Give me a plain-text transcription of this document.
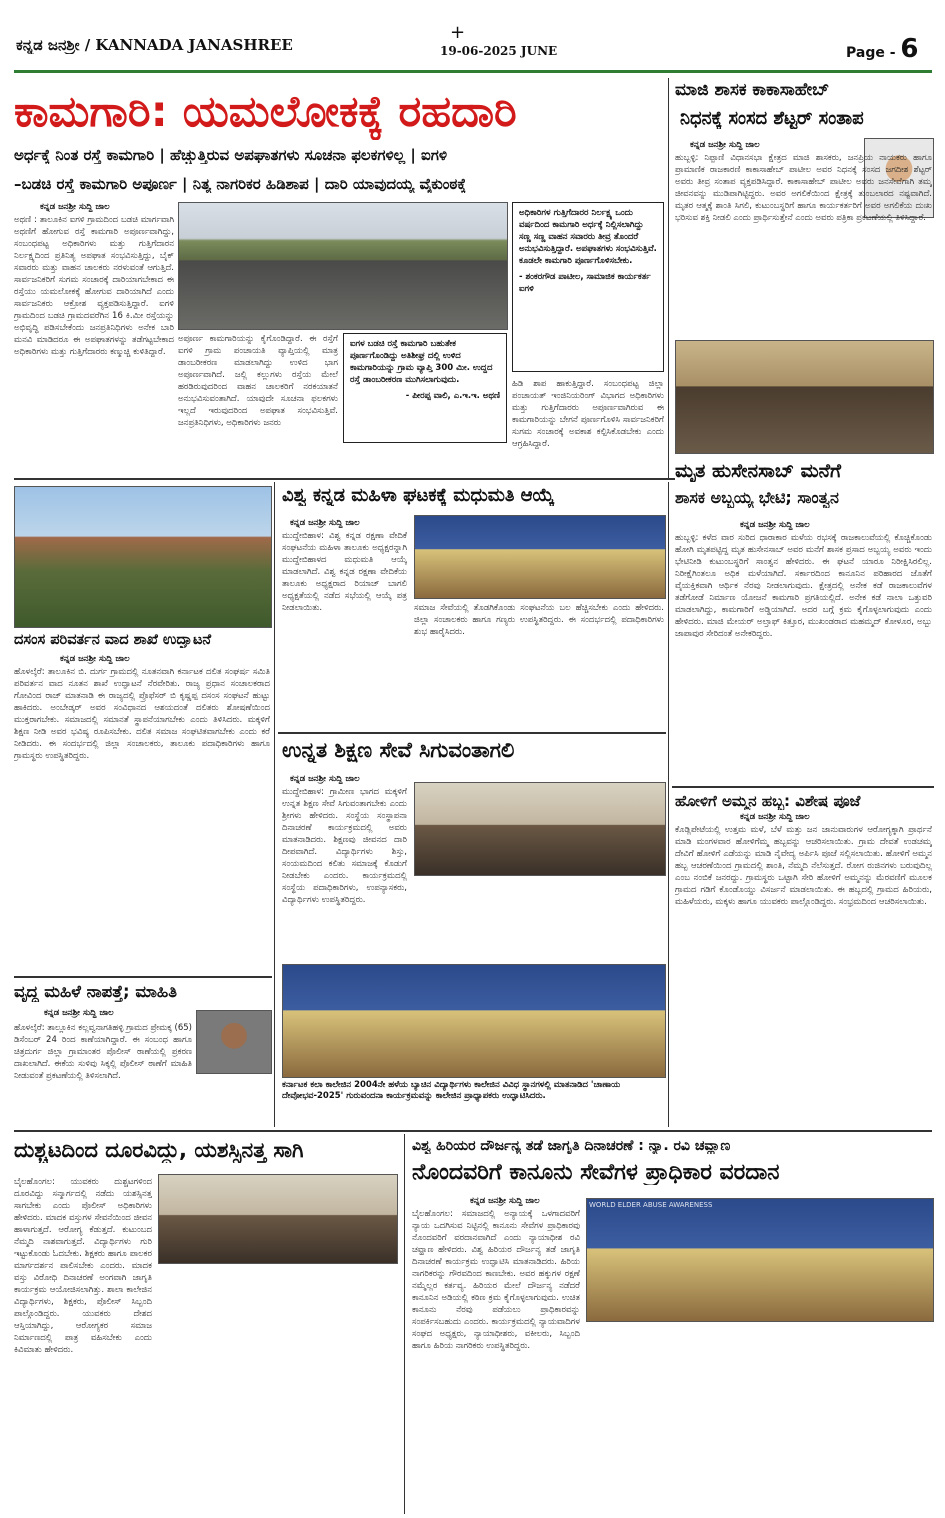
ಕನ್ನಡ ಜನಶ್ರೀ / KANNADA JANASHREE
+
19-06-2025 JUNE	Page - 6
ಕಾಮಗಾರಿ: ಯಮಲೋಕಕ್ಕೆ ರಹದಾರಿ
ಅರ್ಧಕ್ಕೆ ನಿಂತ ರಸ್ತೆ ಕಾಮಗಾರಿ | ಹೆಚ್ಚುತ್ತಿರುವ ಅಪಘಾತಗಳು ಸೂಚನಾ ಫಲಕಗಳಿಲ್ಲ | ಐಗಳಿ
–ಬಡಚಿ ರಸ್ತೆ ಕಾಮಗಾರಿ ಅಪೂರ್ಣ | ನಿತ್ಯ ನಾಗರಿಕರ ಹಿಡಿಶಾಪ | ದಾರಿ ಯಾವುದಯ್ಯ ವೈಕುಂಠಕ್ಕೆ
ಕನ್ನಡ ಜನಶ್ರೀ ಸುದ್ದಿ ಜಾಲ
ಅಥಣಿ : ತಾಲೂಕಿನ ಐಗಳಿ ಗ್ರಾಮದಿಂದ ಬಡಚಿ ಮಾರ್ಗವಾಗಿ ಅಥಣಿಗೆ ಹೋಗುವ ರಸ್ತೆ ಕಾಮಗಾರಿ ಅಪೂರ್ಣವಾಗಿದ್ದು, ಸಂಬಂಧಪಟ್ಟ ಅಧಿಕಾರಿಗಳು ಮತ್ತು ಗುತ್ತಿಗೆದಾರನ ನಿರ್ಲಕ್ಷ್ಯದಿಂದ ಪ್ರತಿನಿತ್ಯ ಅಪಘಾತ ಸಂಭವಿಸುತ್ತಿದ್ದು, ಬೈಕ್ ಸವಾರರು ಮತ್ತು ವಾಹನ ಚಾಲಕರು ನರಳುವಂತೆ ಆಗುತ್ತಿದೆ. ಸಾರ್ವಜನಿಕರಿಗೆ ಸುಗಮ ಸಂಚಾರಕ್ಕೆ ದಾರಿಯಾಗಬೇಕಾದ ಈ ರಸ್ತೆಯು ಯಮಲೋಕಕ್ಕೆ ಹೋಗುವ ದಾರಿಯಾಗಿದೆ ಎಂದು ಸಾರ್ವಜನಿಕರು ಆಕ್ರೋಶ ವ್ಯಕ್ತಪಡಿಸುತ್ತಿದ್ದಾರೆ. ಐಗಳಿ ಗ್ರಾಮದಿಂದ ಬಡಚಿ ಗ್ರಾಮದವರೆಗಿನ 16 ಕಿ.ಮೀ ರಸ್ತೆಯನ್ನು ಅಭಿವೃದ್ಧಿ ಪಡಿಸಬೇಕೆಂದು ಜನಪ್ರತಿನಿಧಿಗಳು ಅನೇಕ ಬಾರಿ ಮನವಿ ಮಾಡಿದರೂ ಈ ಅಪಘಾತಗಳನ್ನು ತಡೆಗಟ್ಟಬೇಕಾದ ಅಧಿಕಾರಿಗಳು ಮತ್ತು ಗುತ್ತಿಗೆದಾರರು ಕಣ್ಮುಚ್ಚಿ ಕುಳಿತಿದ್ದಾರೆ.
ಅಧಿಕಾರಿಗಳ ಗುತ್ತಿಗೆದಾರರ ನಿರ್ಲಕ್ಷ್ಯ ಒಂದು ವರ್ಷದಿಂದ ಕಾಮಗಾರಿ ಅರ್ಧಕ್ಕೆ ನಿಲ್ಲಿಸಲಾಗಿದ್ದು ಸಣ್ಣ ಸಣ್ಣ ವಾಹನ ಸವಾರರು ತೀವ್ರ ತೊಂದರೆ ಅನುಭವಿಸುತ್ತಿದ್ದಾರೆ. ಅಪಘಾತಗಳು ಸಂಭವಿಸುತ್ತಿವೆ. ಕೂಡಲೇ ಕಾಮಗಾರಿ ಪೂರ್ಣಗೊಳಿಸಬೇಕು.
- ಶಂಕರಗೌಡ ಪಾಟೀಲ, ಸಾಮಾಜಿಕ ಕಾರ್ಯಕರ್ತ ಐಗಳಿ
ಅಪೂರ್ಣ ಕಾಮಗಾರಿಯನ್ನು ಕೈಗೊಂಡಿದ್ದಾರೆ. ಈ ರಸ್ತೆಗೆ ಐಗಳಿ ಗ್ರಾಮ ಪಂಚಾಯತಿ ವ್ಯಾಪ್ತಿಯಲ್ಲಿ ಮಾತ್ರ ಡಾಂಬರೀಕರಣ ಮಾಡಲಾಗಿದ್ದು ಉಳಿದ ಭಾಗ ಅಪೂರ್ಣವಾಗಿದೆ. ಜಲ್ಲಿ ಕಲ್ಲುಗಳು ರಸ್ತೆಯ ಮೇಲೆ ಹರಡಿರುವುದರಿಂದ ವಾಹನ ಚಾಲಕರಿಗೆ ನರಕಯಾತನೆ ಅನುಭವಿಸುವಂತಾಗಿದೆ. ಯಾವುದೇ ಸೂಚನಾ ಫಲಕಗಳು ಇಲ್ಲದೆ ಇರುವುದರಿಂದ ಅಪಘಾತ ಸಂಭವಿಸುತ್ತಿವೆ. ಜನಪ್ರತಿನಿಧಿಗಳು, ಅಧಿಕಾರಿಗಳು ಜನರು
ಐಗಳ ಬಡಚಿ ರಸ್ತೆ ಕಾಮಗಾರಿ ಬಹುತೇಕ ಪೂರ್ಣಗೊಂಡಿದ್ದು ಅತಿಶೀಘ್ರ ದಲ್ಲಿ ಉಳಿದ ಕಾಮಗಾರಿಯನ್ನು ಗ್ರಾಮ ವ್ಯಾಪ್ತಿ 300 ಮೀ. ಉದ್ದದ ರಸ್ತೆ ಡಾಂಬರೀಕರಣ ಮುಗಿಸಲಾಗುವುದು.
- ಪೀರಪ್ಪ ವಾಲಿ, ಎ.ಇ.ಇ. ಅಥಣಿ
ಹಿಡಿ ಶಾಪ ಹಾಕುತ್ತಿದ್ದಾರೆ. ಸಂಬಂಧಪಟ್ಟ ಜಿಲ್ಲಾ ಪಂಚಾಯತ್ ಇಂಜಿನಿಯರಿಂಗ್ ವಿಭಾಗದ ಅಧಿಕಾರಿಗಳು ಮತ್ತು ಗುತ್ತಿಗೆದಾರರು ಅಪೂರ್ಣವಾಗಿರುವ ಈ ಕಾಮಗಾರಿಯನ್ನು ಬೇಗನೆ ಪೂರ್ಣಗೊಳಿಸಿ ಸಾರ್ವಜನಿಕರಿಗೆ ಸುಗಮ ಸಂಚಾರಕ್ಕೆ ಅವಕಾಶ ಕಲ್ಪಿಸಿಕೊಡಬೇಕು ಎಂದು ಆಗ್ರಹಿಸಿದ್ದಾರೆ.
ಮಾಜಿ ಶಾಸಕ ಕಾಕಾಸಾಹೇಬ್
ನಿಧನಕ್ಕೆ ಸಂಸದ ಶೆಟ್ಟರ್ ಸಂತಾಪ
ಕನ್ನಡ ಜನಶ್ರೀ ಸುದ್ದಿ ಜಾಲ
ಹುಬ್ಬಳ್ಳಿ: ನಿಪ್ಪಾಣಿ ವಿಧಾನಸಭಾ ಕ್ಷೇತ್ರದ ಮಾಜಿ ಶಾಸಕರು, ಜನಪ್ರಿಯ ನಾಯಕರು ಹಾಗೂ ಪ್ರಾಮಾಣಿಕ ರಾಜಕಾರಣಿ ಕಾಕಾಸಾಹೇಬ್ ಪಾಟೀಲ ಅವರ ನಿಧನಕ್ಕೆ ಸಂಸದ ಜಗದೀಶ ಶೆಟ್ಟರ್ ಅವರು ತೀವ್ರ ಸಂತಾಪ ವ್ಯಕ್ತಪಡಿಸಿದ್ದಾರೆ. ಕಾಕಾಸಾಹೇಬ್ ಪಾಟೀಲ ಅವರು ಜನಸೇವೆಗಾಗಿ ತಮ್ಮ ಜೀವನವನ್ನು ಮುಡಿಪಾಗಿಟ್ಟಿದ್ದರು. ಅವರ ಅಗಲಿಕೆಯಿಂದ ಕ್ಷೇತ್ರಕ್ಕೆ ತುಂಬಲಾರದ ನಷ್ಟವಾಗಿದೆ. ಮೃತರ ಆತ್ಮಕ್ಕೆ ಶಾಂತಿ ಸಿಗಲಿ, ಕುಟುಂಬಸ್ಥರಿಗೆ ಹಾಗೂ ಕಾರ್ಯಕರ್ತರಿಗೆ ಅವರ ಅಗಲಿಕೆಯ ದುಃಖ ಭರಿಸುವ ಶಕ್ತಿ ನೀಡಲಿ ಎಂದು ಪ್ರಾರ್ಥಿಸುತ್ತೇನೆ ಎಂದು ಅವರು ಪತ್ರಿಕಾ ಪ್ರಕಟಣೆಯಲ್ಲಿ ತಿಳಿಸಿದ್ದಾರೆ.
ಮೃತ ಹುಸೇನಸಾಬ್ ಮನೆಗೆ
ಶಾಸಕ ಅಬ್ಬಯ್ಯ ಭೇಟಿ; ಸಾಂತ್ವನ
ಕನ್ನಡ ಜನಶ್ರೀ ಸುದ್ದಿ ಜಾಲ
ಹುಬ್ಬಳ್ಳಿ: ಕಳೆದ ವಾರ ಸುರಿದ ಧಾರಾಕಾರ ಮಳೆಯ ರಭಸಕ್ಕೆ ರಾಜಕಾಲುವೆಯಲ್ಲಿ ಕೊಚ್ಚಿಕೊಂಡು ಹೋಗಿ ಮೃತಪಟ್ಟಿದ್ದ ಮೃತ ಹುಸೇನಸಾಬ್ ಅವರ ಮನೆಗೆ ಶಾಸಕ ಪ್ರಸಾದ ಅಬ್ಬಯ್ಯ ಅವರು ಇಂದು ಭೇಟಿನೀಡಿ ಕುಟುಂಬಸ್ಥರಿಗೆ ಸಾಂತ್ವನ ಹೇಳಿದರು. ಈ ಘಟನೆ ಯಾರೂ ನಿರೀಕ್ಷಿಸಿರಲಿಲ್ಲ. ನಿರೀಕ್ಷೆಗಿಂತಲೂ ಅಧಿಕ ಮಳೆಯಾಗಿದೆ. ಸರ್ಕಾರದಿಂದ ಕಾನೂನಿನ ಪರಿಹಾರದ ಜೊತೆಗೆ ವೈಯಕ್ತಿಕವಾಗಿ ಆರ್ಥಿಕ ನೆರವು ನೀಡಲಾಗುವುದು. ಕ್ಷೇತ್ರದಲ್ಲಿ ಅನೇಕ ಕಡೆ ರಾಜಕಾಲುವೆಗಳ ತಡೆಗೋಡೆ ನಿರ್ಮಾಣ ಯೋಜನೆ ಕಾಮಗಾರಿ ಪ್ರಗತಿಯಲ್ಲಿದೆ. ಅನೇಕ ಕಡೆ ನಾಲಾ ಒತ್ತುವರಿ ಮಾಡಲಾಗಿದ್ದು, ಕಾಮಗಾರಿಗೆ ಅಡ್ಡಿಯಾಗಿದೆ. ಅದರ ಬಗ್ಗೆ ಕ್ರಮ ಕೈಗೊಳ್ಳಲಾಗುವುದು ಎಂದು ಹೇಳಿದರು. ಮಾಜಿ ಮೇಯರ್ ಅಲ್ತಾಫ್ ಕಿತ್ತೂರ, ಮುಖಂಡರಾದ ಮಹಮ್ಮದ್ ಕೋಳೂರ, ಅಬ್ಬು ಜಾಪಾವುರ ಸೇರಿದಂತೆ ಅನೇಕರಿದ್ದರು.
ಹೋಳಿಗೆ ಅಮ್ಮನ ಹಬ್ಬ: ವಿಶೇಷ ಪೂಜೆ
ಕನ್ನಡ ಜನಶ್ರೀ ಸುದ್ದಿ ಜಾಲ
ಕೊಡ್ಲಿಪೇಟೆಯಲ್ಲಿ ಉತ್ತಮ ಮಳೆ, ಬೆಳೆ ಮತ್ತು ಜನ ಜಾನುವಾರುಗಳ ಆರೋಗ್ಯಕ್ಕಾಗಿ ಪ್ರಾರ್ಥನೆ ಮಾಡಿ ಮಂಗಳವಾರ ಹೋಳಿಗೆಮ್ಮ ಹಬ್ಬವನ್ನು ಆಚರಿಸಲಾಯಿತು. ಗ್ರಾಮ ದೇವತೆ ಉಡಚಮ್ಮ ದೇವಿಗೆ ಹೋಳಿಗೆ ಎಡೆಯನ್ನು ಮಾಡಿ ನೈವೇದ್ಯ ಅರ್ಪಿಸಿ ಪೂಜೆ ಸಲ್ಲಿಸಲಾಯಿತು. ಹೋಳಿಗೆ ಅಮ್ಮನ ಹಬ್ಬ ಆಚರಣೆಯಿಂದ ಗ್ರಾಮದಲ್ಲಿ ಶಾಂತಿ, ನೆಮ್ಮದಿ ನೆಲೆಸುತ್ತದೆ. ರೋಗ ರುಜಿನಗಳು ಬರುವುದಿಲ್ಲ ಎಂಬ ನಂಬಿಕೆ ಜನರದ್ದು. ಗ್ರಾಮಸ್ಥರು ಒಟ್ಟಾಗಿ ಸೇರಿ ಹೋಳಿಗೆ ಅಮ್ಮನನ್ನು ಮೆರವಣಿಗೆ ಮೂಲಕ ಗ್ರಾಮದ ಗಡಿಗೆ ಕೊಂಡೊಯ್ದು ವಿಸರ್ಜನೆ ಮಾಡಲಾಯಿತು. ಈ ಹಬ್ಬದಲ್ಲಿ ಗ್ರಾಮದ ಹಿರಿಯರು, ಮಹಿಳೆಯರು, ಮಕ್ಕಳು ಹಾಗೂ ಯುವಕರು ಪಾಲ್ಗೊಂಡಿದ್ದರು. ಸಂಭ್ರಮದಿಂದ ಆಚರಿಸಲಾಯಿತು.
ದಸಂಸ ಪರಿವರ್ತನ ವಾದ ಶಾಖೆ ಉದ್ಘಾಟನೆ
ಕನ್ನಡ ಜನಶ್ರೀ ಸುದ್ದಿ ಜಾಲ
ಹೊಳಲ್ಕೆರೆ: ತಾಲೂಕಿನ ಬಿ. ದುರ್ಗ ಗ್ರಾಮದಲ್ಲಿ ನೂತನವಾಗಿ ಕರ್ನಾಟಕ ದಲಿತ ಸಂಘರ್ಷ ಸಮಿತಿ ಪರಿವರ್ತನ ವಾದ ನೂತನ ಶಾಖೆ ಉದ್ಘಾಟನೆ ನೆರವೇರಿತು. ರಾಜ್ಯ ಪ್ರಧಾನ ಸಂಚಾಲಕರಾದ ಗೋವಿಂದ ರಾಜ್ ಮಾತನಾಡಿ ಈ ರಾಜ್ಯದಲ್ಲಿ ಪ್ರೊಫೆಸರ್ ಬಿ ಕೃಷ್ಣಪ್ಪ ದಸಂಸ ಸಂಘಟನೆ ಹುಟ್ಟು ಹಾಕಿದರು. ಅಂಬೇಡ್ಕರ್ ಅವರ ಸಂವಿಧಾನದ ಆಶಯದಂತೆ ದಲಿತರು ಶೋಷಣೆಯಿಂದ ಮುಕ್ತರಾಗಬೇಕು. ಸಮಾಜದಲ್ಲಿ ಸಮಾನತೆ ಸ್ಥಾಪನೆಯಾಗಬೇಕು ಎಂದು ತಿಳಿಸಿದರು. ಮಕ್ಕಳಿಗೆ ಶಿಕ್ಷಣ ನೀಡಿ ಅವರ ಭವಿಷ್ಯ ರೂಪಿಸಬೇಕು. ದಲಿತ ಸಮಾಜ ಸಂಘಟಿತವಾಗಬೇಕು ಎಂದು ಕರೆ ನೀಡಿದರು. ಈ ಸಂದರ್ಭದಲ್ಲಿ ಜಿಲ್ಲಾ ಸಂಚಾಲಕರು, ತಾಲೂಕು ಪದಾಧಿಕಾರಿಗಳು ಹಾಗೂ ಗ್ರಾಮಸ್ಥರು ಉಪಸ್ಥಿತರಿದ್ದರು.
ವಿಶ್ವ ಕನ್ನಡ ಮಹಿಳಾ ಘಟಕಕ್ಕೆ ಮಧುಮತಿ ಆಯ್ಕೆ
ಕನ್ನಡ ಜನಶ್ರೀ ಸುದ್ದಿ ಜಾಲ
ಮುದ್ದೇಬಿಹಾಳ: ವಿಶ್ವ ಕನ್ನಡ ರಕ್ಷಣಾ ವೇದಿಕೆ ಸಂಘಟನೆಯ ಮಹಿಳಾ ತಾಲೂಕು ಅಧ್ಯಕ್ಷರನ್ನಾಗಿ ಮುದ್ದೇಬಿಹಾಳದ ಮಧುಮತಿ ಆಯ್ಕೆ ಮಾಡಲಾಗಿದೆ. ವಿಶ್ವ ಕನ್ನಡ ರಕ್ಷಣಾ ವೇದಿಕೆಯ ತಾಲೂಕು ಅಧ್ಯಕ್ಷರಾದ ರಿಯಾಜ್ ಬಾಗಲಿ ಅಧ್ಯಕ್ಷತೆಯಲ್ಲಿ ನಡೆದ ಸಭೆಯಲ್ಲಿ ಆಯ್ಕೆ ಪತ್ರ ನೀಡಲಾಯಿತು.	ಸಮಾಜ ಸೇವೆಯಲ್ಲಿ ತೊಡಗಿಕೊಂಡು ಸಂಘಟನೆಯ ಬಲ ಹೆಚ್ಚಿಸಬೇಕು ಎಂದು ಹೇಳಿದರು. ಜಿಲ್ಲಾ ಸಂಚಾಲಕರು ಹಾಗೂ ಗಣ್ಯರು ಉಪಸ್ಥಿತರಿದ್ದರು. ಈ ಸಂದರ್ಭದಲ್ಲಿ ಪದಾಧಿಕಾರಿಗಳು ಶುಭ ಹಾರೈಸಿದರು.
ಉನ್ನತ ಶಿಕ್ಷಣ ಸೇವೆ ಸಿಗುವಂತಾಗಲಿ
ಕನ್ನಡ ಜನಶ್ರೀ ಸುದ್ದಿ ಜಾಲ
ಮುದ್ದೇಬಿಹಾಳ: ಗ್ರಾಮೀಣ ಭಾಗದ ಮಕ್ಕಳಿಗೆ ಉನ್ನತ ಶಿಕ್ಷಣ ಸೇವೆ ಸಿಗುವಂತಾಗಬೇಕು ಎಂದು ಶ್ರೀಗಳು ಹೇಳಿದರು. ಸಂಸ್ಥೆಯ ಸಂಸ್ಥಾಪನಾ ದಿನಾಚರಣೆ ಕಾರ್ಯಕ್ರಮದಲ್ಲಿ ಅವರು ಮಾತನಾಡಿದರು. ಶಿಕ್ಷಣವು ಜೀವನದ ದಾರಿ ದೀಪವಾಗಿದೆ. ವಿದ್ಯಾರ್ಥಿಗಳು ಶಿಸ್ತು, ಸಂಯಮದಿಂದ ಕಲಿತು ಸಮಾಜಕ್ಕೆ ಕೊಡುಗೆ ನೀಡಬೇಕು ಎಂದರು. ಕಾರ್ಯಕ್ರಮದಲ್ಲಿ ಸಂಸ್ಥೆಯ ಪದಾಧಿಕಾರಿಗಳು, ಉಪನ್ಯಾಸಕರು, ವಿದ್ಯಾರ್ಥಿಗಳು ಉಪಸ್ಥಿತರಿದ್ದರು.
ಕರ್ನಾಟಕ ಕಲಾ ಕಾಲೇಜಿನ 2004ನೇ ಹಳೆಯ ಬ್ಯಾಚಿನ ವಿದ್ಯಾರ್ಥಿಗಳು ಕಾಲೇಜಿನ ವಿವಿಧ ಸ್ಥಾನಗಳಲ್ಲಿ ಮಾತನಾಡಿದ 'ಚಾಣಾಯ ದೇವೋಭವ-2025' ಗುರುವಂದನಾ ಕಾರ್ಯಕ್ರಮವನ್ನು ಕಾಲೇಜಿನ ಪ್ರಾಧ್ಯಾಪಕರು ಉದ್ಘಾಟಿಸಿದರು.
ವೃದ್ಧ ಮಹಿಳೆ ನಾಪತ್ತೆ; ಮಾಹಿತಿ
ಕನ್ನಡ ಜನಶ್ರೀ ಸುದ್ದಿ ಜಾಲ
ಹೊಳಲ್ಕೆರೆ: ತಾಲ್ಲೂಕಿನ ಕಲ್ಲವ್ವನಾಗತಿಹಳ್ಳಿ ಗ್ರಾಮದ ಪ್ರೇಮಕ್ಕ (65) ಡಿಸೆಂಬರ್ 24 ರಿಂದ ಕಾಣೆಯಾಗಿದ್ದಾರೆ. ಈ ಸಂಬಂಧ ಹಾಗೂ ಚಿತ್ರದುರ್ಗ ಜಿಲ್ಲಾ ಗ್ರಾಮಾಂತರ ಪೊಲೀಸ್ ಠಾಣೆಯಲ್ಲಿ ಪ್ರಕರಣ ದಾಖಲಾಗಿದೆ. ಈಕೆಯ ಸುಳಿವು ಸಿಕ್ಕಲ್ಲಿ ಪೊಲೀಸ್ ಠಾಣೆಗೆ ಮಾಹಿತಿ ನೀಡುವಂತೆ ಪ್ರಕಟಣೆಯಲ್ಲಿ ತಿಳಿಸಲಾಗಿದೆ.
ದುಶ್ಚಟದಿಂದ ದೂರವಿದ್ದು, ಯಶಸ್ಸಿನತ್ತ ಸಾಗಿ
ಬೈಲಹೊಂಗಲ: ಯುವಕರು ದುಶ್ಚಟಗಳಿಂದ ದೂರವಿದ್ದು ಸನ್ಮಾರ್ಗದಲ್ಲಿ ನಡೆದು ಯಶಸ್ಸಿನತ್ತ ಸಾಗಬೇಕು ಎಂದು ಪೊಲೀಸ್ ಅಧಿಕಾರಿಗಳು ಹೇಳಿದರು. ಮಾದಕ ವಸ್ತುಗಳ ಸೇವನೆಯಿಂದ ಜೀವನ ಹಾಳಾಗುತ್ತದೆ. ಆರೋಗ್ಯ ಕೆಡುತ್ತದೆ. ಕುಟುಂಬದ ನೆಮ್ಮದಿ ನಾಶವಾಗುತ್ತದೆ. ವಿದ್ಯಾರ್ಥಿಗಳು ಗುರಿ ಇಟ್ಟುಕೊಂಡು ಓದಬೇಕು. ಶಿಕ್ಷಕರು ಹಾಗೂ ಪಾಲಕರ ಮಾರ್ಗದರ್ಶನ ಪಾಲಿಸಬೇಕು ಎಂದರು. ಮಾದಕ ವಸ್ತು ವಿರೋಧಿ ದಿನಾಚರಣೆ ಅಂಗವಾಗಿ ಜಾಗೃತಿ ಕಾರ್ಯಕ್ರಮ ಆಯೋಜಿಸಲಾಗಿತ್ತು. ಶಾಲಾ ಕಾಲೇಜಿನ ವಿದ್ಯಾರ್ಥಿಗಳು, ಶಿಕ್ಷಕರು, ಪೊಲೀಸ್ ಸಿಬ್ಬಂದಿ ಪಾಲ್ಗೊಂಡಿದ್ದರು. ಯುವಕರು ದೇಶದ ಆಸ್ತಿಯಾಗಿದ್ದು, ಆರೋಗ್ಯಕರ ಸಮಾಜ ನಿರ್ಮಾಣದಲ್ಲಿ ಪಾತ್ರ ವಹಿಸಬೇಕು ಎಂದು ಕಿವಿಮಾತು ಹೇಳಿದರು.
ವಿಶ್ವ ಹಿರಿಯರ ದೌರ್ಜನ್ಯ ತಡೆ ಜಾಗೃತಿ ದಿನಾಚರಣೆ : ನ್ಯಾ. ರವಿ ಚವ್ಹಾಣ
ನೊಂದವರಿಗೆ ಕಾನೂನು ಸೇವೆಗಳ ಪ್ರಾಧಿಕಾರ ವರದಾನ
ಕನ್ನಡ ಜನಶ್ರೀ ಸುದ್ದಿ ಜಾಲ
ಬೈಲಹೊಂಗಲ: ಸಮಾಜದಲ್ಲಿ ಅನ್ಯಾಯಕ್ಕೆ ಒಳಗಾದವರಿಗೆ ನ್ಯಾಯ ಒದಗಿಸುವ ನಿಟ್ಟಿನಲ್ಲಿ ಕಾನೂನು ಸೇವೆಗಳ ಪ್ರಾಧಿಕಾರವು ನೊಂದವರಿಗೆ ವರದಾನವಾಗಿದೆ ಎಂದು ನ್ಯಾಯಾಧೀಶ ರವಿ ಚವ್ಹಾಣ ಹೇಳಿದರು. ವಿಶ್ವ ಹಿರಿಯರ ದೌರ್ಜನ್ಯ ತಡೆ ಜಾಗೃತಿ ದಿನಾಚರಣೆ ಕಾರ್ಯಕ್ರಮ ಉದ್ಘಾಟಿಸಿ ಮಾತನಾಡಿದರು. ಹಿರಿಯ ನಾಗರಿಕರನ್ನು ಗೌರವದಿಂದ ಕಾಣಬೇಕು. ಅವರ ಹಕ್ಕುಗಳ ರಕ್ಷಣೆ ನಮ್ಮೆಲ್ಲರ ಕರ್ತವ್ಯ. ಹಿರಿಯರ ಮೇಲೆ ದೌರ್ಜನ್ಯ ನಡೆದರೆ ಕಾನೂನಿನ ಅಡಿಯಲ್ಲಿ ಕಠಿಣ ಕ್ರಮ ಕೈಗೊಳ್ಳಲಾಗುವುದು. ಉಚಿತ ಕಾನೂನು ನೆರವು ಪಡೆಯಲು ಪ್ರಾಧಿಕಾರವನ್ನು ಸಂಪರ್ಕಿಸಬಹುದು ಎಂದರು. ಕಾರ್ಯಕ್ರಮದಲ್ಲಿ ನ್ಯಾಯವಾದಿಗಳ ಸಂಘದ ಅಧ್ಯಕ್ಷರು, ನ್ಯಾಯಾಧೀಶರು, ವಕೀಲರು, ಸಿಬ್ಬಂದಿ ಹಾಗೂ ಹಿರಿಯ ನಾಗರಿಕರು ಉಪಸ್ಥಿತರಿದ್ದರು.
WORLD ELDER ABUSE AWARENESS
